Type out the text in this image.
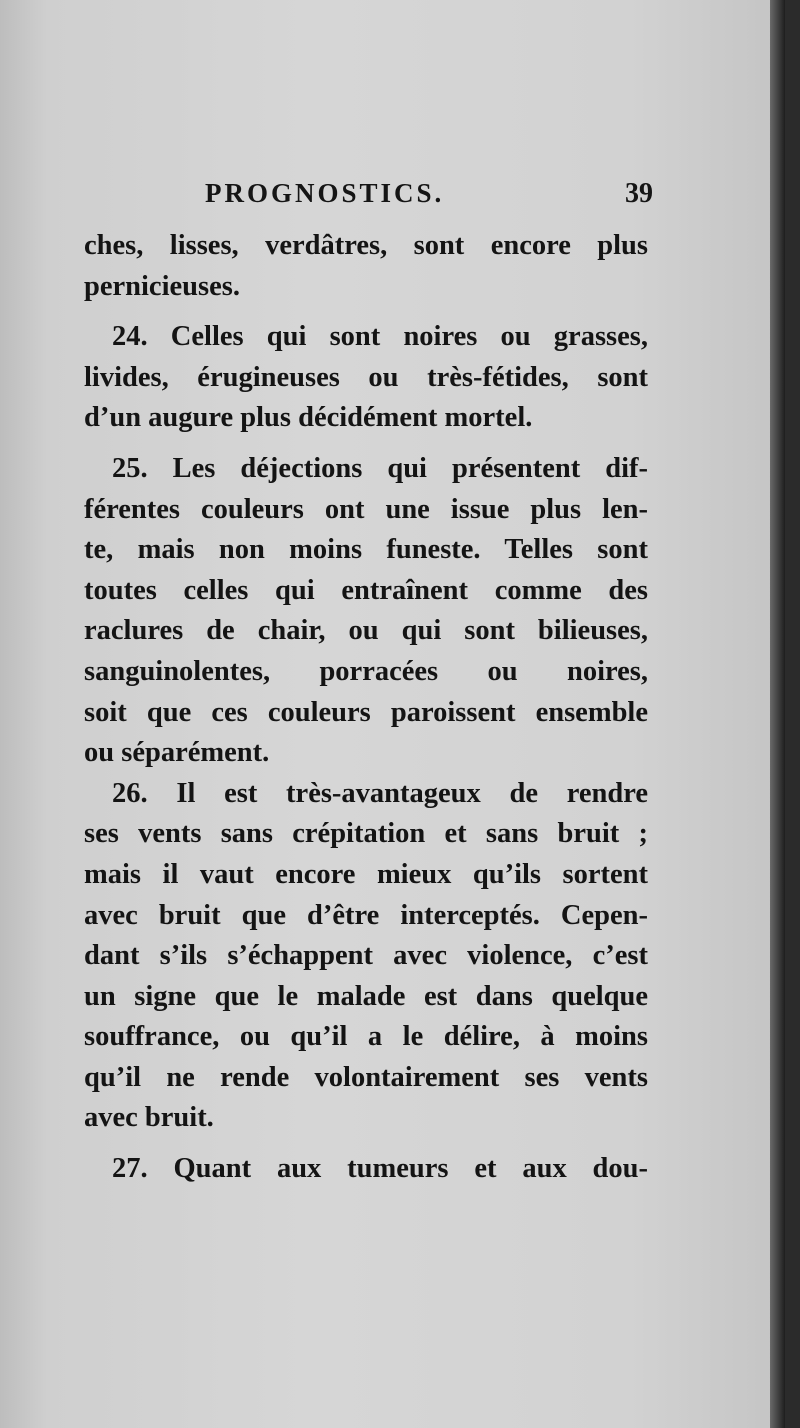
PROGNOSTICS.	39
ches, lisses, verdâtres, sont encore plus
pernicieuses.
24. Celles qui sont noires ou grasses,
livides, érugineuses ou très-fétides, sont
d’un augure plus décidément mortel.
25. Les déjections qui présentent dif-
férentes couleurs ont une issue plus len-
te, mais non moins funeste. Telles sont
toutes celles qui entraînent comme des
raclures de chair, ou qui sont bilieuses,
sanguinolentes, porracées ou noires,
soit que ces couleurs paroissent ensemble
ou séparément.
26. Il est très-avantageux de rendre
ses vents sans crépitation et sans bruit ;
mais il vaut encore mieux qu’ils sortent
avec bruit que d’être interceptés. Cepen-
dant s’ils s’échappent avec violence, c’est
un signe que le malade est dans quelque
souffrance, ou qu’il a le délire, à moins
qu’il ne rende volontairement ses vents
avec bruit.
27. Quant aux tumeurs et aux dou-
